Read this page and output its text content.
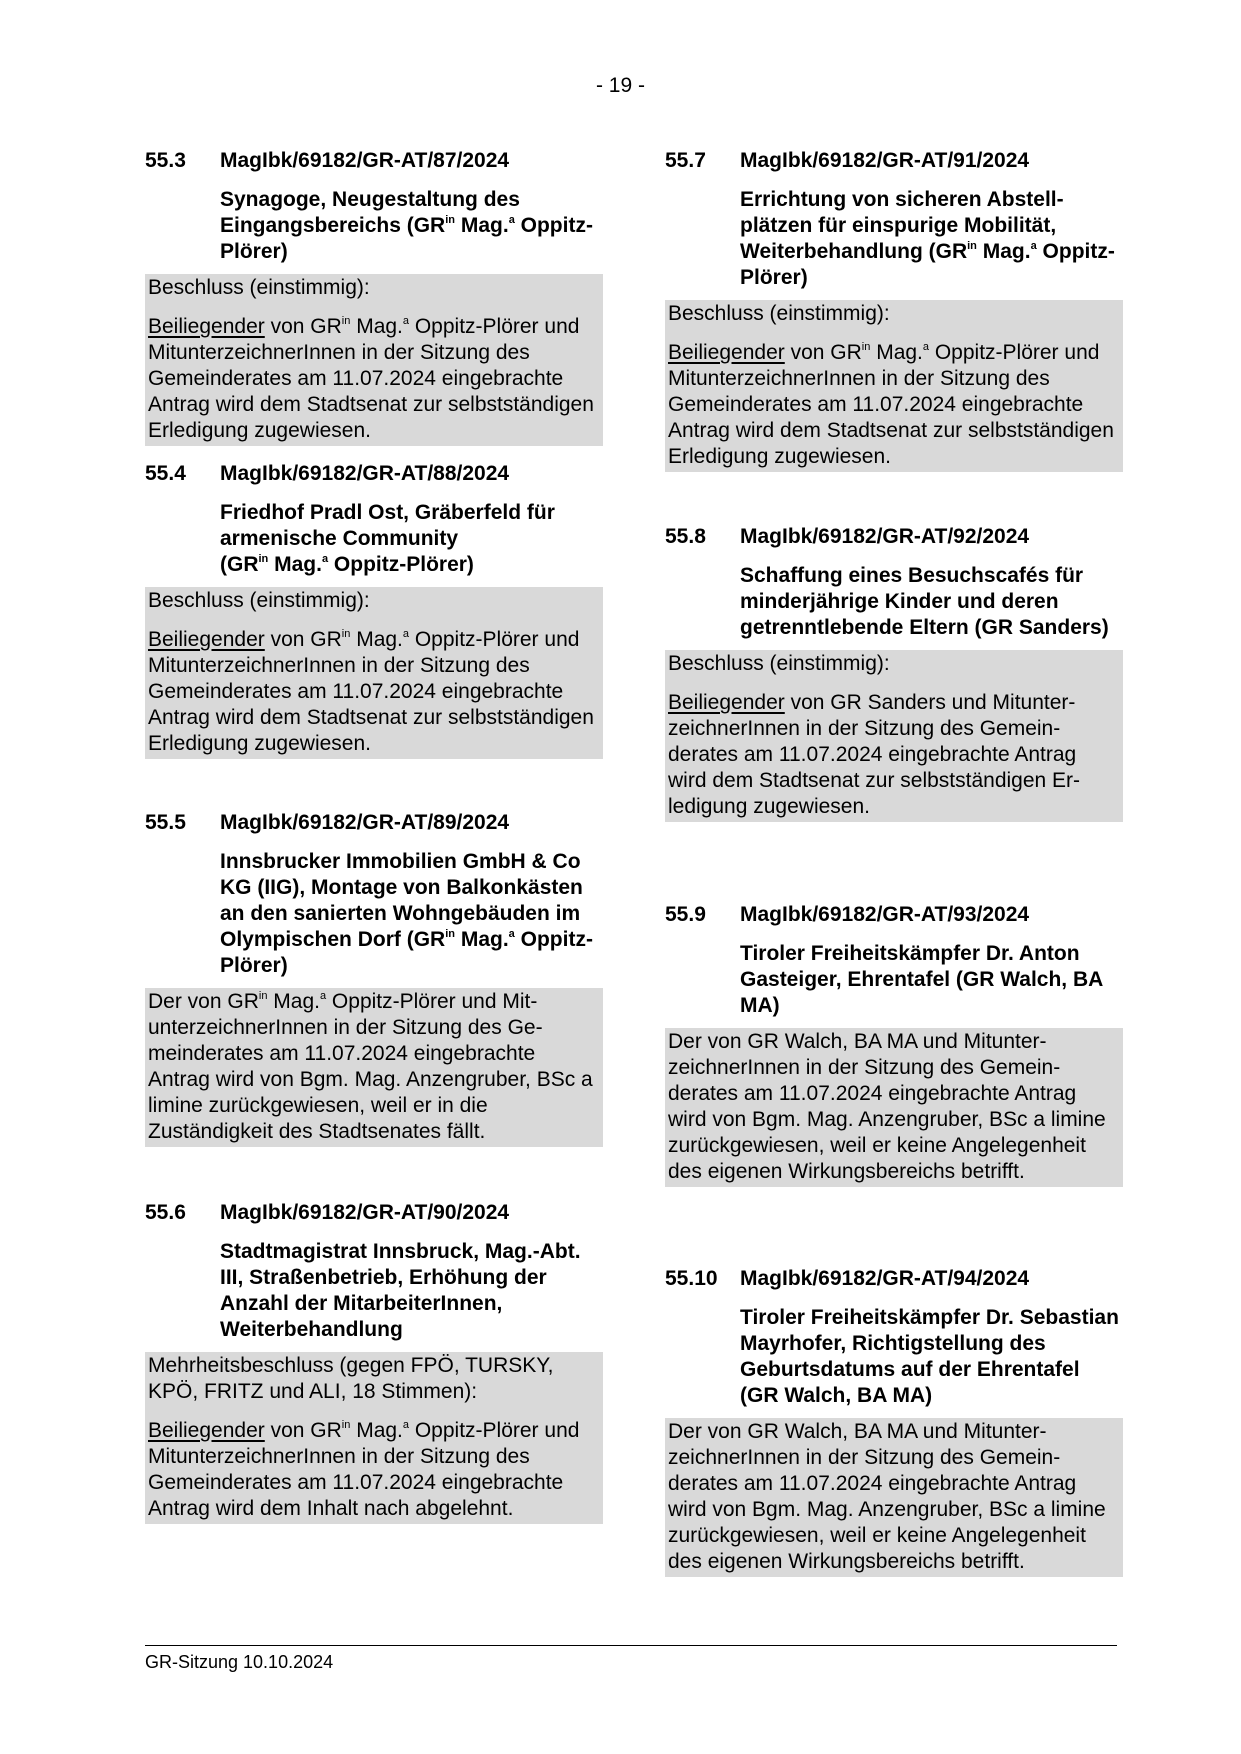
- 19 -
55.3	MagIbk/69182/GR-AT/87/2024
Synagoge, Neugestaltung des Eingangsbereichs ($GR^{in}$ Mag.$^a$ Oppitz-Plörer)

Beschluss (einstimmig):

Beiliegender von $GR^{in}$ Mag.$^a$ Oppitz-Plörer und MitunterzeichnerInnen in der Sitzung des Gemeinderates am 11.07.2024 eingebrachte Antrag wird dem Stadtsenat zur selbstständigen Erledigung zugewiesen.

55.4	MagIbk/69182/GR-AT/88/2024
Friedhof Pradl Ost, Gräberfeld für armenische Community
($GR^{in}$ Mag.$^a$ Oppitz-Plörer)

Beschluss (einstimmig):

Beiliegender von $GR^{in}$ Mag.$^a$ Oppitz-Plörer und MitunterzeichnerInnen in der Sitzung des Gemeinderates am 11.07.2024 eingebrachte Antrag wird dem Stadtsenat zur selbstständigen Erledigung zugewiesen.

55.5	MagIbk/69182/GR-AT/89/2024
Innsbrucker Immobilien GmbH & Co KG (IIG), Montage von Balkonkästen an den sanierten Wohngebäuden im Olympischen Dorf ($GR^{in}$ Mag.$^a$ Oppitz-Plörer)

Der von $GR^{in}$ Mag.$^a$ Oppitz-Plörer und MitunterzeichnerInnen in der Sitzung des Gemeinderates am 11.07.2024 eingebrachte Antrag wird von Bgm. Mag. Anzengruber, BSc a limine zurückgewiesen, weil er in die Zuständigkeit des Stadtsenates fällt.

55.6	MagIbk/69182/GR-AT/90/2024
Stadtmagistrat Innsbruck, Mag.-Abt. III, Straßenbetrieb, Erhöhung der Anzahl der MitarbeiterInnen, Weiterbehandlung

Mehrheitsbeschluss (gegen FPÖ, TURSKY, KPÖ, FRITZ und ALI, 18 Stimmen):

Beiliegender von $GR^{in}$ Mag.$^a$ Oppitz-Plörer und MitunterzeichnerInnen in der Sitzung des Gemeinderates am 11.07.2024 eingebrachte Antrag wird dem Inhalt nach abgelehnt.

55.7	MagIbk/69182/GR-AT/91/2024
Errichtung von sicheren Abstellplätzen für einspurige Mobilität, Weiterbehandlung ($GR^{in}$ Mag.$^a$ Oppitz-Plörer)

Beschluss (einstimmig):

Beiliegender von $GR^{in}$ Mag.$^a$ Oppitz-Plörer und MitunterzeichnerInnen in der Sitzung des Gemeinderates am 11.07.2024 eingebrachte Antrag wird dem Stadtsenat zur selbstständigen Erledigung zugewiesen.

55.8	MagIbk/69182/GR-AT/92/2024
Schaffung eines Besuchscafés für minderjährige Kinder und deren getrenntlebende Eltern (GR Sanders)

Beschluss (einstimmig):

Beiliegender von GR Sanders und MitunterzeichnerInnen in der Sitzung des Gemeinderates am 11.07.2024 eingebrachte Antrag wird dem Stadtsenat zur selbstständigen Erledigung zugewiesen.

55.9	MagIbk/69182/GR-AT/93/2024
Tiroler Freiheitskämpfer Dr. Anton Gasteiger, Ehrentafel (GR Walch, BA MA)

Der von GR Walch, BA MA und MitunterzeichnerInnen in der Sitzung des Gemeinderates am 11.07.2024 eingebrachte Antrag wird von Bgm. Mag. Anzengruber, BSc a limine zurückgewiesen, weil er keine Angelegenheit des eigenen Wirkungsbereichs betrifft.

55.10	MagIbk/69182/GR-AT/94/2024
Tiroler Freiheitskämpfer Dr. Sebastian Mayrhofer, Richtigstellung des Geburtsdatums auf der Ehrentafel (GR Walch, BA MA)

Der von GR Walch, BA MA und MitunterzeichnerInnen in der Sitzung des Gemeinderates am 11.07.2024 eingebrachte Antrag wird von Bgm. Mag. Anzengruber, BSc a limine zurückgewiesen, weil er keine Angelegenheit des eigenen Wirkungsbereichs betrifft.

GR-Sitzung 10.10.2024
